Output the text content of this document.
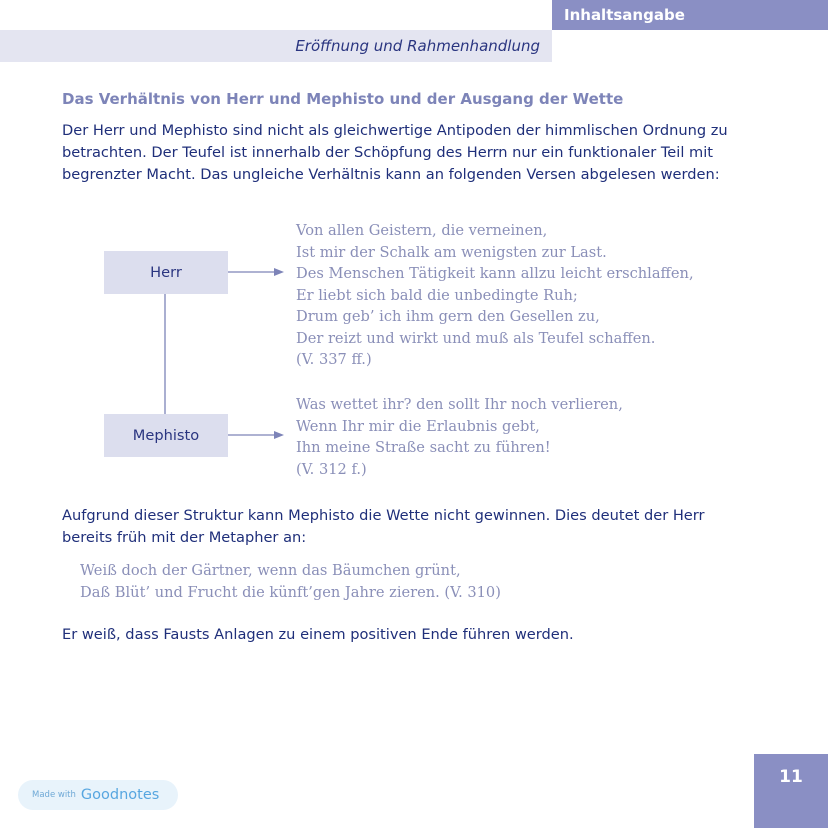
Inhaltsangabe
Eröffnung und Rahmenhandlung
Das Verhältnis von Herr und Mephisto und der Ausgang der Wette
Der Herr und Mephisto sind nicht als gleichwertige Antipoden der himmlischen Ordnung zu
betrachten. Der Teufel ist innerhalb der Schöpfung des Herrn nur ein funktionaler Teil mit
begrenzter Macht. Das ungleiche Verhältnis kann an folgenden Versen abgelesen werden:
Herr
Mephisto
Von allen Geistern, die verneinen,
Ist mir der Schalk am wenigsten zur Last.
Des Menschen Tätigkeit kann allzu leicht erschlaffen,
Er liebt sich bald die unbedingte Ruh;
Drum geb’ ich ihm gern den Gesellen zu,
Der reizt und wirkt und muß als Teufel schaffen.
(V. 337 ff.)
Was wettet ihr? den sollt Ihr noch verlieren,
Wenn Ihr mir die Erlaubnis gebt,
Ihn meine Straße sacht zu führen!
(V. 312 f.)
Aufgrund dieser Struktur kann Mephisto die Wette nicht gewinnen. Dies deutet der Herr
bereits früh mit der Metapher an:
Weiß doch der Gärtner, wenn das Bäumchen grünt,
Daß Blüt’ und Frucht die künft’gen Jahre zieren. (V. 310)
Er weiß, dass Fausts Anlagen zu einem positiven Ende führen werden.
Made with Goodnotes
11
